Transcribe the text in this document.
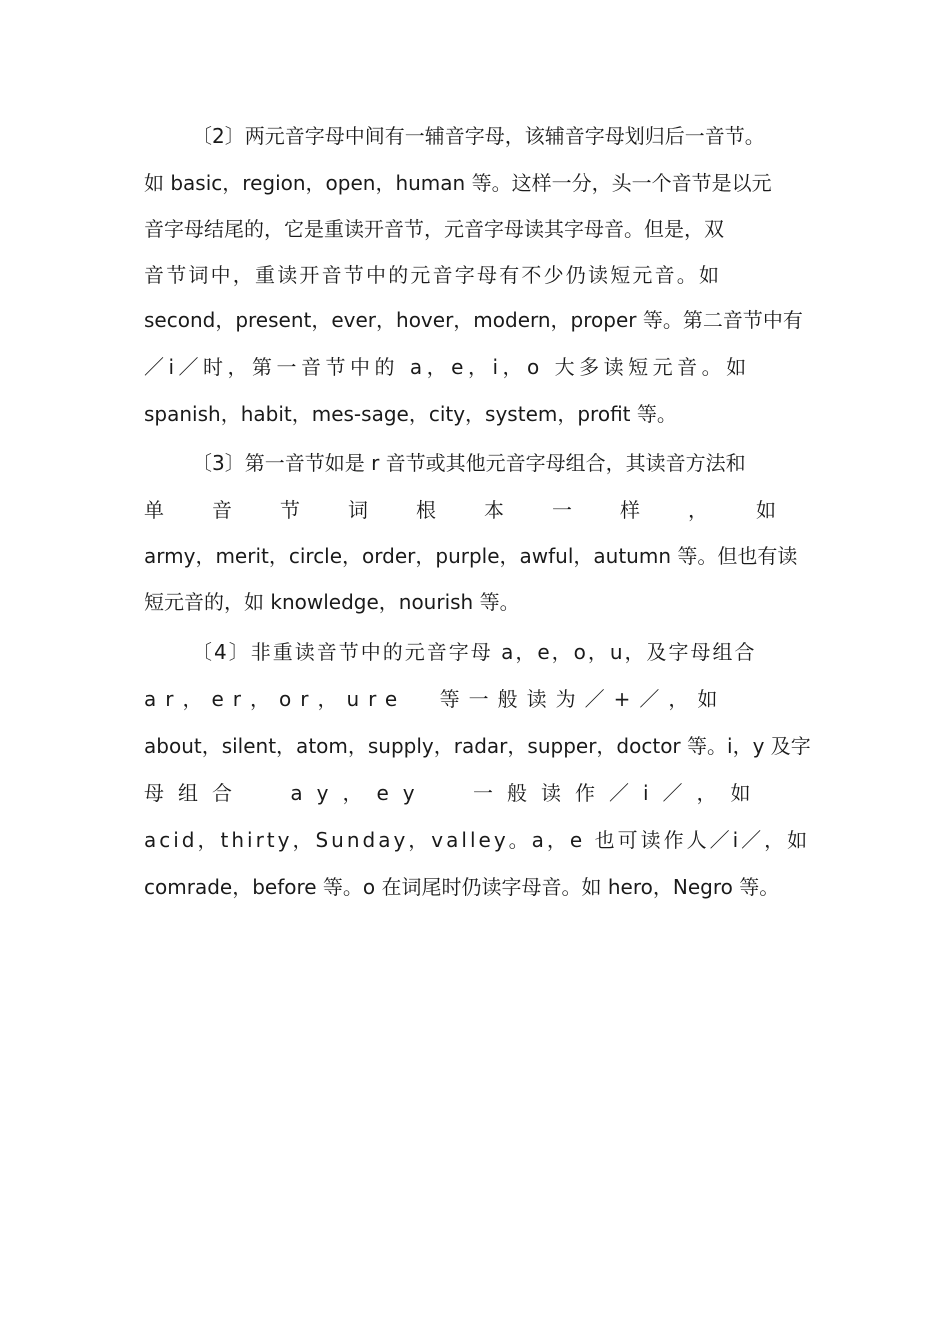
〔2〕两元音字母中间有一辅音字母，该辅音字母划归后一音节。
如 basic，region，open，human 等。这样一分，头一个音节是以元
音字母结尾的，它是重读开音节，元音字母读其字母音。但是，双
音节词中，重读开音节中的元音字母有不少仍读短元音。如
second，present，ever，hover，modern，proper 等。第二音节中有
／i／时，第一音节中的 a，e，i，o 大多读短元音。如
spanish，habit，mes-sage，city，system，profit 等。
〔3〕第一音节如是 r 音节或其他元音字母组合，其读音方法和
单音节词根本一样，如
army，merit，circle，order，purple，awful，autumn 等。但也有读
短元音的，如 knowledge，nourish 等。
〔4〕非重读音节中的元音字母 a，e，o，u，及字母组合
ar，er，or，ure 等一般读为／+／，如
about，silent，atom，supply，radar，supper，doctor 等。i，y 及字
母组合 ay，ey 一般读作／i／，如
acid，thirty，Sunday，valley。a，e 也可读作人／i／，如
comrade，before 等。o 在词尾时仍读字母音。如 hero，Negro 等。
